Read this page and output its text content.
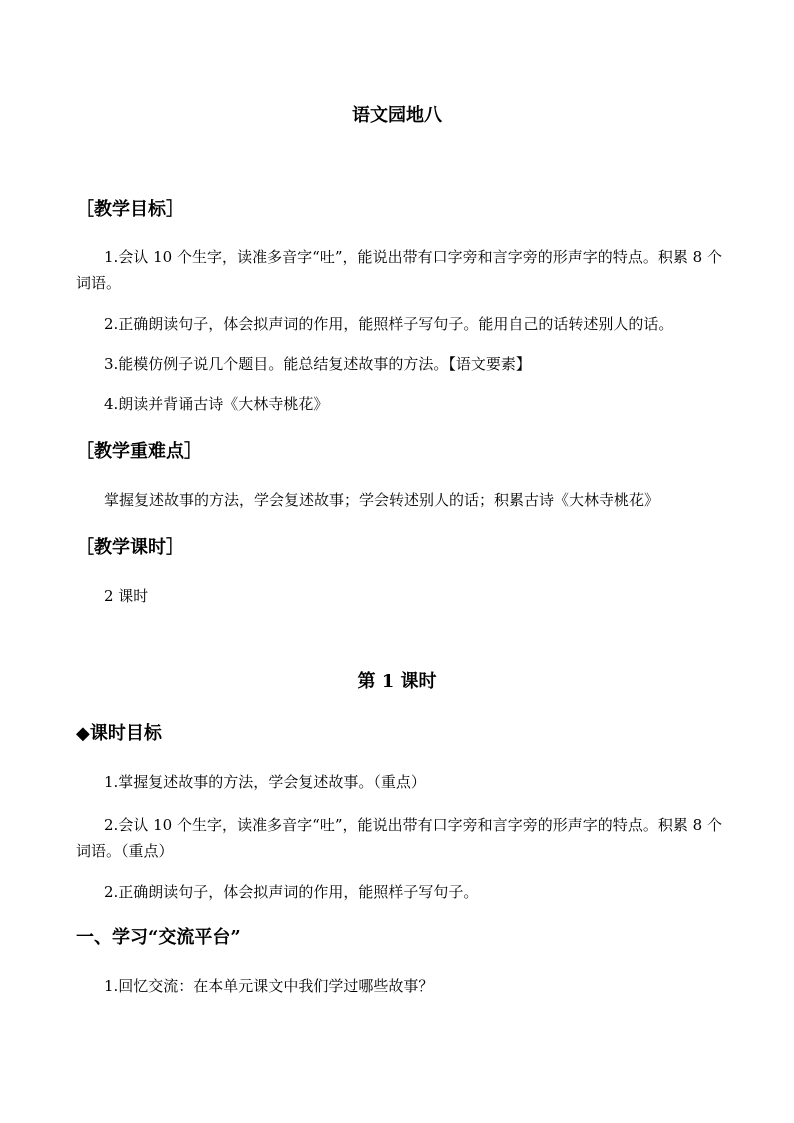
语文园地八
［教学目标］
1.会认 10 个生字，读准多音字“吐”，能说出带有口字旁和言字旁的形声字的特点。积累 8 个词语。
2.正确朗读句子，体会拟声词的作用，能照样子写句子。能用自己的话转述别人的话。
3.能模仿例子说几个题目。能总结复述故事的方法。【语文要素】
4.朗读并背诵古诗《大林寺桃花》
［教学重难点］
掌握复述故事的方法，学会复述故事；学会转述别人的话；积累古诗《大林寺桃花》
［教学课时］
2 课时
第 1 课时
◆课时目标
1.掌握复述故事的方法，学会复述故事。（重点）
2.会认 10 个生字，读准多音字“吐”，能说出带有口字旁和言字旁的形声字的特点。积累 8 个词语。（重点）
2.正确朗读句子，体会拟声词的作用，能照样子写句子。
一、学习“交流平台”
1.回忆交流：在本单元课文中我们学过哪些故事？
